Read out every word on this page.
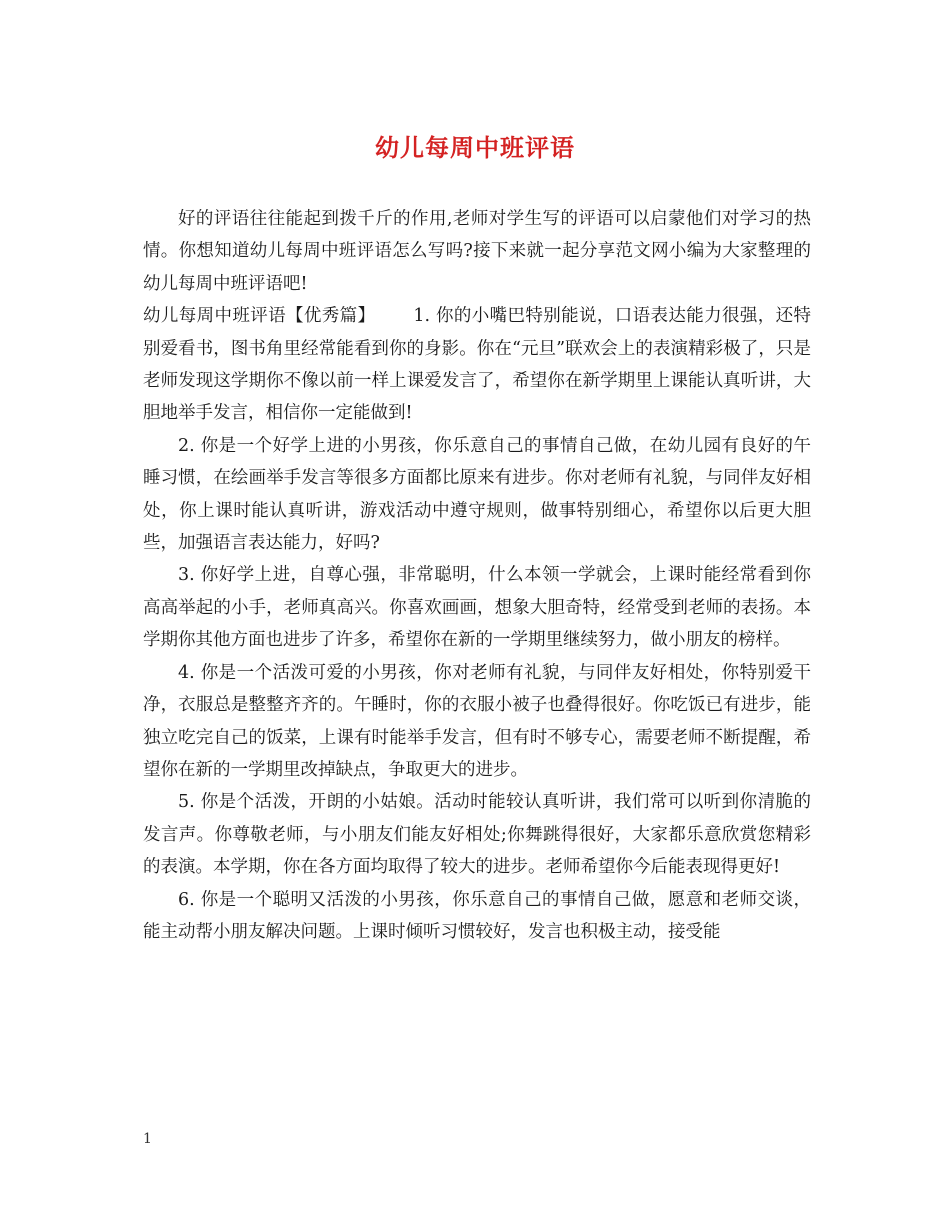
幼儿每周中班评语

好的评语往往能起到拨千斤的作用,老师对学生写的评语可以启蒙他们对学习的热情。你想知道幼儿每周中班评语怎么写吗?接下来就一起分享范文网小编为大家整理的幼儿每周中班评语吧!

幼儿每周中班评语【优秀篇】 1. 你的小嘴巴特别能说，口语表达能力很强，还特别爱看书，图书角里经常能看到你的身影。你在“元旦”联欢会上的表演精彩极了，只是老师发现这学期你不像以前一样上课爱发言了，希望你在新学期里上课能认真听讲，大胆地举手发言，相信你一定能做到!

2. 你是一个好学上进的小男孩，你乐意自己的事情自己做，在幼儿园有良好的午睡习惯，在绘画举手发言等很多方面都比原来有进步。你对老师有礼貌，与同伴友好相处，你上课时能认真听讲，游戏活动中遵守规则，做事特别细心，希望你以后更大胆些，加强语言表达能力，好吗?

3. 你好学上进，自尊心强，非常聪明，什么本领一学就会，上课时能经常看到你高高举起的小手，老师真高兴。你喜欢画画，想象大胆奇特，经常受到老师的表扬。本学期你其他方面也进步了许多，希望你在新的一学期里继续努力，做小朋友的榜样。

4. 你是一个活泼可爱的小男孩，你对老师有礼貌，与同伴友好相处，你特别爱干净，衣服总是整整齐齐的。午睡时，你的衣服小被子也叠得很好。你吃饭已有进步，能独立吃完自己的饭菜，上课有时能举手发言，但有时不够专心，需要老师不断提醒，希望你在新的一学期里改掉缺点，争取更大的进步。

5. 你是个活泼，开朗的小姑娘。活动时能较认真听讲，我们常可以听到你清脆的发言声。你尊敬老师，与小朋友们能友好相处;你舞跳得很好，大家都乐意欣赏您精彩的表演。本学期，你在各方面均取得了较大的进步。老师希望你今后能表现得更好!

6. 你是一个聪明又活泼的小男孩，你乐意自己的事情自己做，愿意和老师交谈，能主动帮小朋友解决问题。上课时倾听习惯较好，发言也积极主动，接受能

1
